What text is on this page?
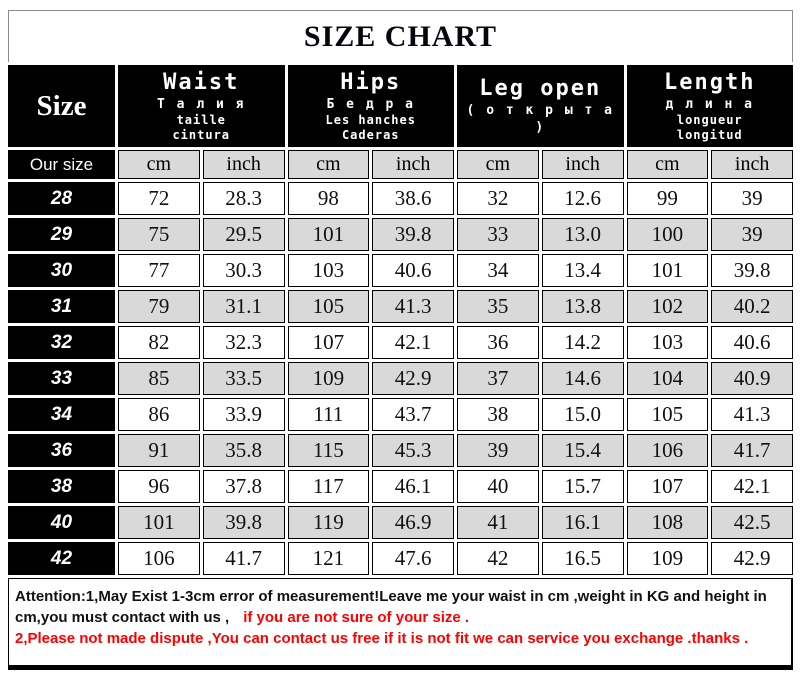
SIZE CHART
Size	
Waist
Т а л и я
taille
cintura

Hips
Б е д р а
Les hanches
Caderas

Leg open
( о т к р ы т а )

Length
д л и н а
longueur
longitud

Our size	cm	inch	cm	inch	cm	inch	cm	inch
28	72	28.3	98	38.6	32	12.6	99	39
29	75	29.5	101	39.8	33	13.0	100	39
30	77	30.3	103	40.6	34	13.4	101	39.8
31	79	31.1	105	41.3	35	13.8	102	40.2
32	82	32.3	107	42.1	36	14.2	103	40.6
33	85	33.5	109	42.9	37	14.6	104	40.9
34	86	33.9	111	43.7	38	15.0	105	41.3
36	91	35.8	115	45.3	39	15.4	106	41.7
38	96	37.8	117	46.1	40	15.7	107	42.1
40	101	39.8	119	46.9	41	16.1	108	42.5
42	106	41.7	121	47.6	42	16.5	109	42.9
Attention:1,May Exist 1-3cm error of measurement!Leave me your waist in cm ,weight in KG and height in
cm,you must contact with us , if you are not sure of your size .
2,Please not made dispute ,You can contact us free if it is not fit we can service you exchange .thanks .
